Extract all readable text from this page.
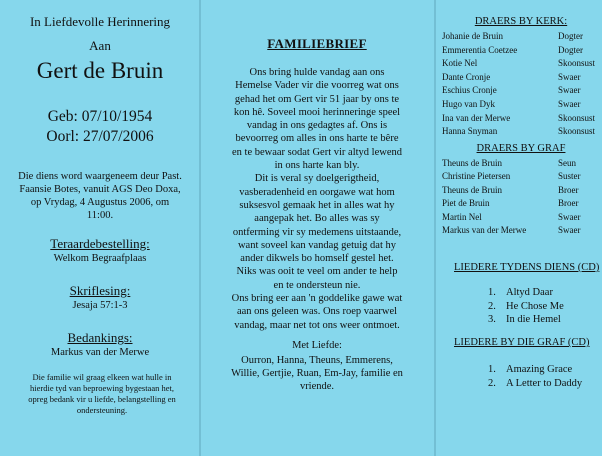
In Liefdevolle Herinnering
Aan
Gert de Bruin
Geb: 07/10/1954
Oorl: 27/07/2006
Die diens word waargeneem deur Past.
Faansie Botes, vanuit AGS Deo Doxa,
op Vrydag, 4 Augustus 2006, om
11:00.
Teraardebestelling:
Welkom Begraafplaas
Skriflesing:
Jesaja 57:1-3
Bedankings:
Markus van der Merwe
Die familie wil graag elkeen wat hulle in
hierdie tyd van beproewing bygestaan het,
opreg bedank vir u liefde, belangstelling en
ondersteuning.
FAMILIEBRIEF

Ons bring hulde vandag aan ons

Hemelse Vader vir die voorreg wat ons

gehad het om Gert vir 51 jaar by ons te

kon hê. Soveel mooi herinneringe speel

vandag in ons gedagtes af. Ons is

bevoorreg om alles in ons harte te bêre

en te bewaar sodat Gert vir altyd lewend

in ons harte kan bly.

Dit is veral sy doelgerigtheid,

vasberadenheid en oorgawe wat hom

suksesvol gemaak het in alles wat hy

aangepak het. Bo alles was sy

ontferming vir sy medemens uitstaande,

want soveel kan vandag getuig dat hy

ander dikwels bo homself gestel het.

Niks was ooit te veel om ander te help

en te ondersteun nie.

Ons bring eer aan 'n goddelike gawe wat

aan ons geleen was. Ons roep vaarwel

vandag, maar net tot ons weer ontmoet.

Met Liefde:
Ourron, Hanna, Theuns, Emmerens,
Willie, Gertjie, Ruan, Em-Jay, familie en
vriende.
DRAERS BY KERK:
Johanie de Bruin	Dogter
Emmerentia Coetzee	Dogter
Kotie Nel	Skoonsust
Dante Cronje	Swaer
Eschius Cronje	Swaer
Hugo van Dyk	Swaer
Ina van der Merwe	Skoonsust
Hanna Snyman	Skoonsust
DRAERS BY GRAF
Theuns de Bruin	Seun
Christine Pietersen	Suster
Theuns de Bruin	Broer
Piet de Bruin	Broer
Martin Nel	Swaer
Markus van der Merwe	Swaer
LIEDERE TYDENS DIENS (CD)
1. Altyd Daar
2. He Chose Me
3. In die Hemel
LIEDERE BY DIE GRAF (CD)
1. Amazing Grace
2. A Letter to Daddy
